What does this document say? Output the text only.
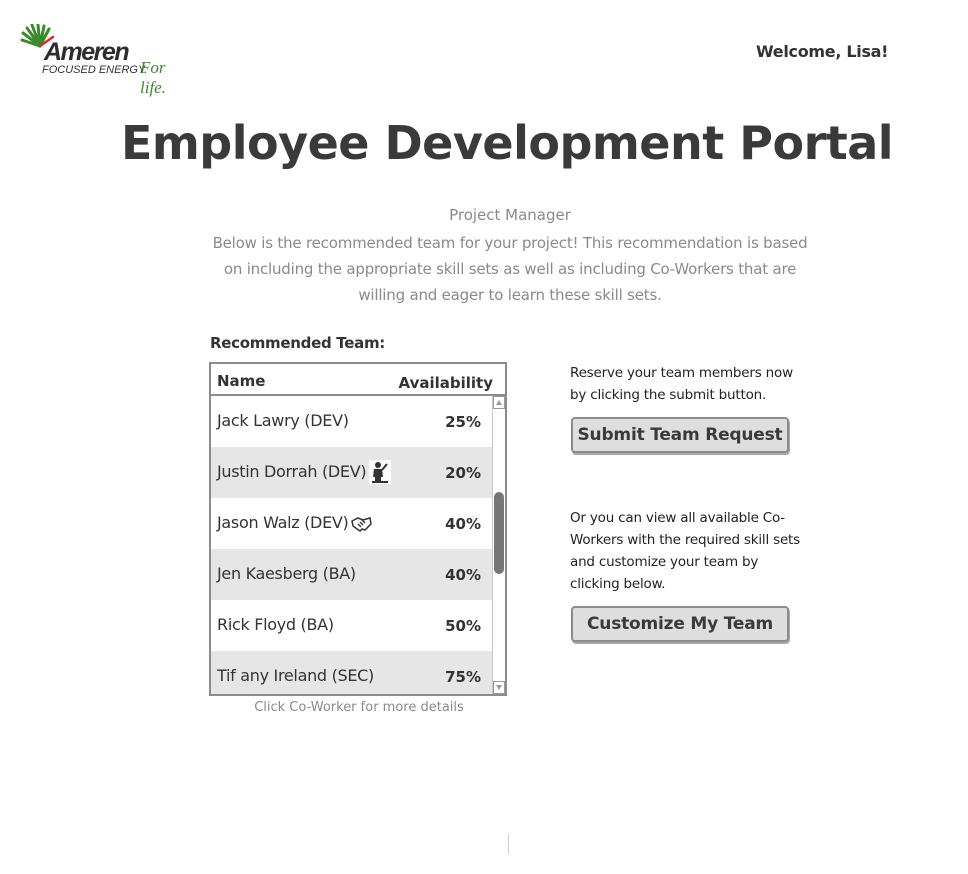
Ameren
FOCUSED ENERGY.
For life.
Welcome, Lisa!
Employee Development Portal
Project Manager
Below is the recommended team for your project! This recommendation is based on including the appropriate skill sets as well as including Co-Workers that are willing and eager to learn these skill sets.
Recommended Team:
Name	Availability
Jack Lawry (DEV)	25%
Justin Dorrah (DEV)	20%
Jason Walz (DEV)	40%
Jen Kaesberg (BA)	40%
Rick Floyd (BA)	50%
Tif any Ireland (SEC)	75%
Click Co-Worker for more details
Reserve your team members now by clicking the submit button.
Submit Team Request
Or you can view all available Co-Workers with the required skill sets and customize your team by clicking below.
Customize My Team
